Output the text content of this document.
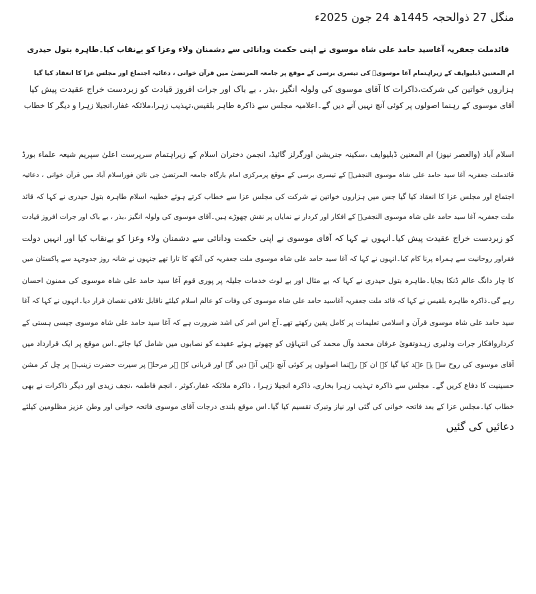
منگل 27 ذوالحجہ 1445ھ 24 جون 2025ء

قائدملت جعفریہ آغاسید حامد علی شاہ موسوی نے اپنی حکمت ودانائی سے دشمنان ولاء وعزا کو بےنقاب کیا۔طاہرہ بتول حیدری

ام المعنین ڈبلیوایف کے زیراہتمام آغا موسویؒ کی تیسری برسی کے موقع پر جامعہ المرتضیٰ میں قرآن خوانی ، دعائیہ اجتماع اور مجلس عزا کا انعقاد کیا گیا

ہزاروں خواتین کی شرکت،ذاکرات کا آقای موسوی کی ولولہ انگیز ،بذر ، بے باک اور جرات افروز قیادت کو زبردست خراج عقیدت پیش کیا

آقای موسوی کے رہنما اصولوں پر کوئی آنچ نہیں آنے دیں گے۔اعلامیہ مجلس سے ذاکرہ طاہر بلقیس،تہذیب زہرا،ملائکہ غفار،انجیلا زہرا و دیگر کا خطاب

اسلام آباد (والعصر نیوز) ام المعنین ڈبلیوایف ،سکینہ جنریشن اورگرلز گائیڈ، انجمن دختران اسلام کے زیراہتمام سرپرست اعلیٰ سپریم شیعہ علماء بورڈ

قائدملت جعفریہ آغا سید حامد علی شاہ موسوی النجفیؒ کے تیسری برسی کے موقع پرمرکزی امام بارگاہ جامعہ المرتضیٰ جی نائن فوراسلام آباد میں قرآن خوانی ، دعائیہ

اجتماع اور مجلس عزا کا انعقاد کیا گیا جس میں ہزاروں خواتین نے شرکت کی مجلس عزا سے خطاب کرتے ہوئے خطیبہ اسلام طاہرہ بتول حیدری نے کہا کہ قائد

ملت جعفریہ آغا سید حامد علی شاہ موسوی النجفیؒ کے افکار اور کردار نے نمایاں پر نقش چھوڑے ہیں۔آقای موسوی کی ولولہ انگیز ،بذر ، بے باک اور جرات افروز قیادت

کو زبردست خراج عقیدت پیش کیا۔انہوں نے کہا کہ آقای موسوی نے اپنی حکمت ودانائی سے دشمنان ولاء وعزا کو بےنقاب کیا اور انہیں دولت

فقراور روحانیت سے ہمراہ پرنا کام کیا۔انہوں نے کہا کہ آغا سید حامد علی شاہ موسوی ملت جعفریہ کی آنکھ کا تارا تھے جنہوں نے شانہ روز جدوجہد سے پاکستان میں

کا چار دانگ عالم ڈنکا بجایا۔طاہرہ بتول حیدری نے کہا کہ بے مثال اور بے لوث خدمات جلیلہ پر پوری قوم آغا سید حامد علی شاہ موسوی کی ممنون احسان

رہے گی۔ذاکرہ طاہرہ بلقیس نے کہا کہ قائد ملت جعفریہ آغاسید حامد علی شاہ موسوی کی وفات کو عالم اسلام کیلئے ناقابل تلافی نقصان قرار دیا۔انہوں نے کہا کہ آغا

سید حامد علی شاہ موسوی قرآن و اسلامی تعلیمات پر کامل یقین رکھتے تھے۔آج اس امر کی اشد ضرورت ہے کہ آغا سید حامد علی شاہ موسوی جیسی ہستی کے

کرداروافکار جرات ودلیری زہدوتقویٰ عرفان محمد وآل محمد کی انتہاؤں کو چھوتے ہوئے عقیدے کو نصابوں میں شامل کیا جائے۔اس موقع پر ایک قرارداد میں

آقای موسوی کی روح سے یہ عہد کیا گیا کہ ان کے رہنما اصولوں پر کوئی آنچ نہیں آنے دیں گے اور قربانی کے ہر مرحلے پر سیرت حضرت زینبؑ پر چل کر مشن

حسینیت کا دفاع کریں گے۔ مجلس سے ذاکرہ تہذیب زہرا بخاری، ذاکرہ انجیلا زہرا ، ذاکرہ ملائکہ غفار،کوثر ، انجم فاطمہ ،نجف زیدی اور دیگر ذاکرات نے بھی

خطاب کیا۔مجلس عزا کے بعد فاتحہ خوانی کی گئی اور نیاز وتبرک تقسیم کیا گیا۔اس موقع بلندی درجات آقای موسوی فاتحہ خوانی اور وطن عزیز مظلومین کیلئے

دعائیں کی گئیں
